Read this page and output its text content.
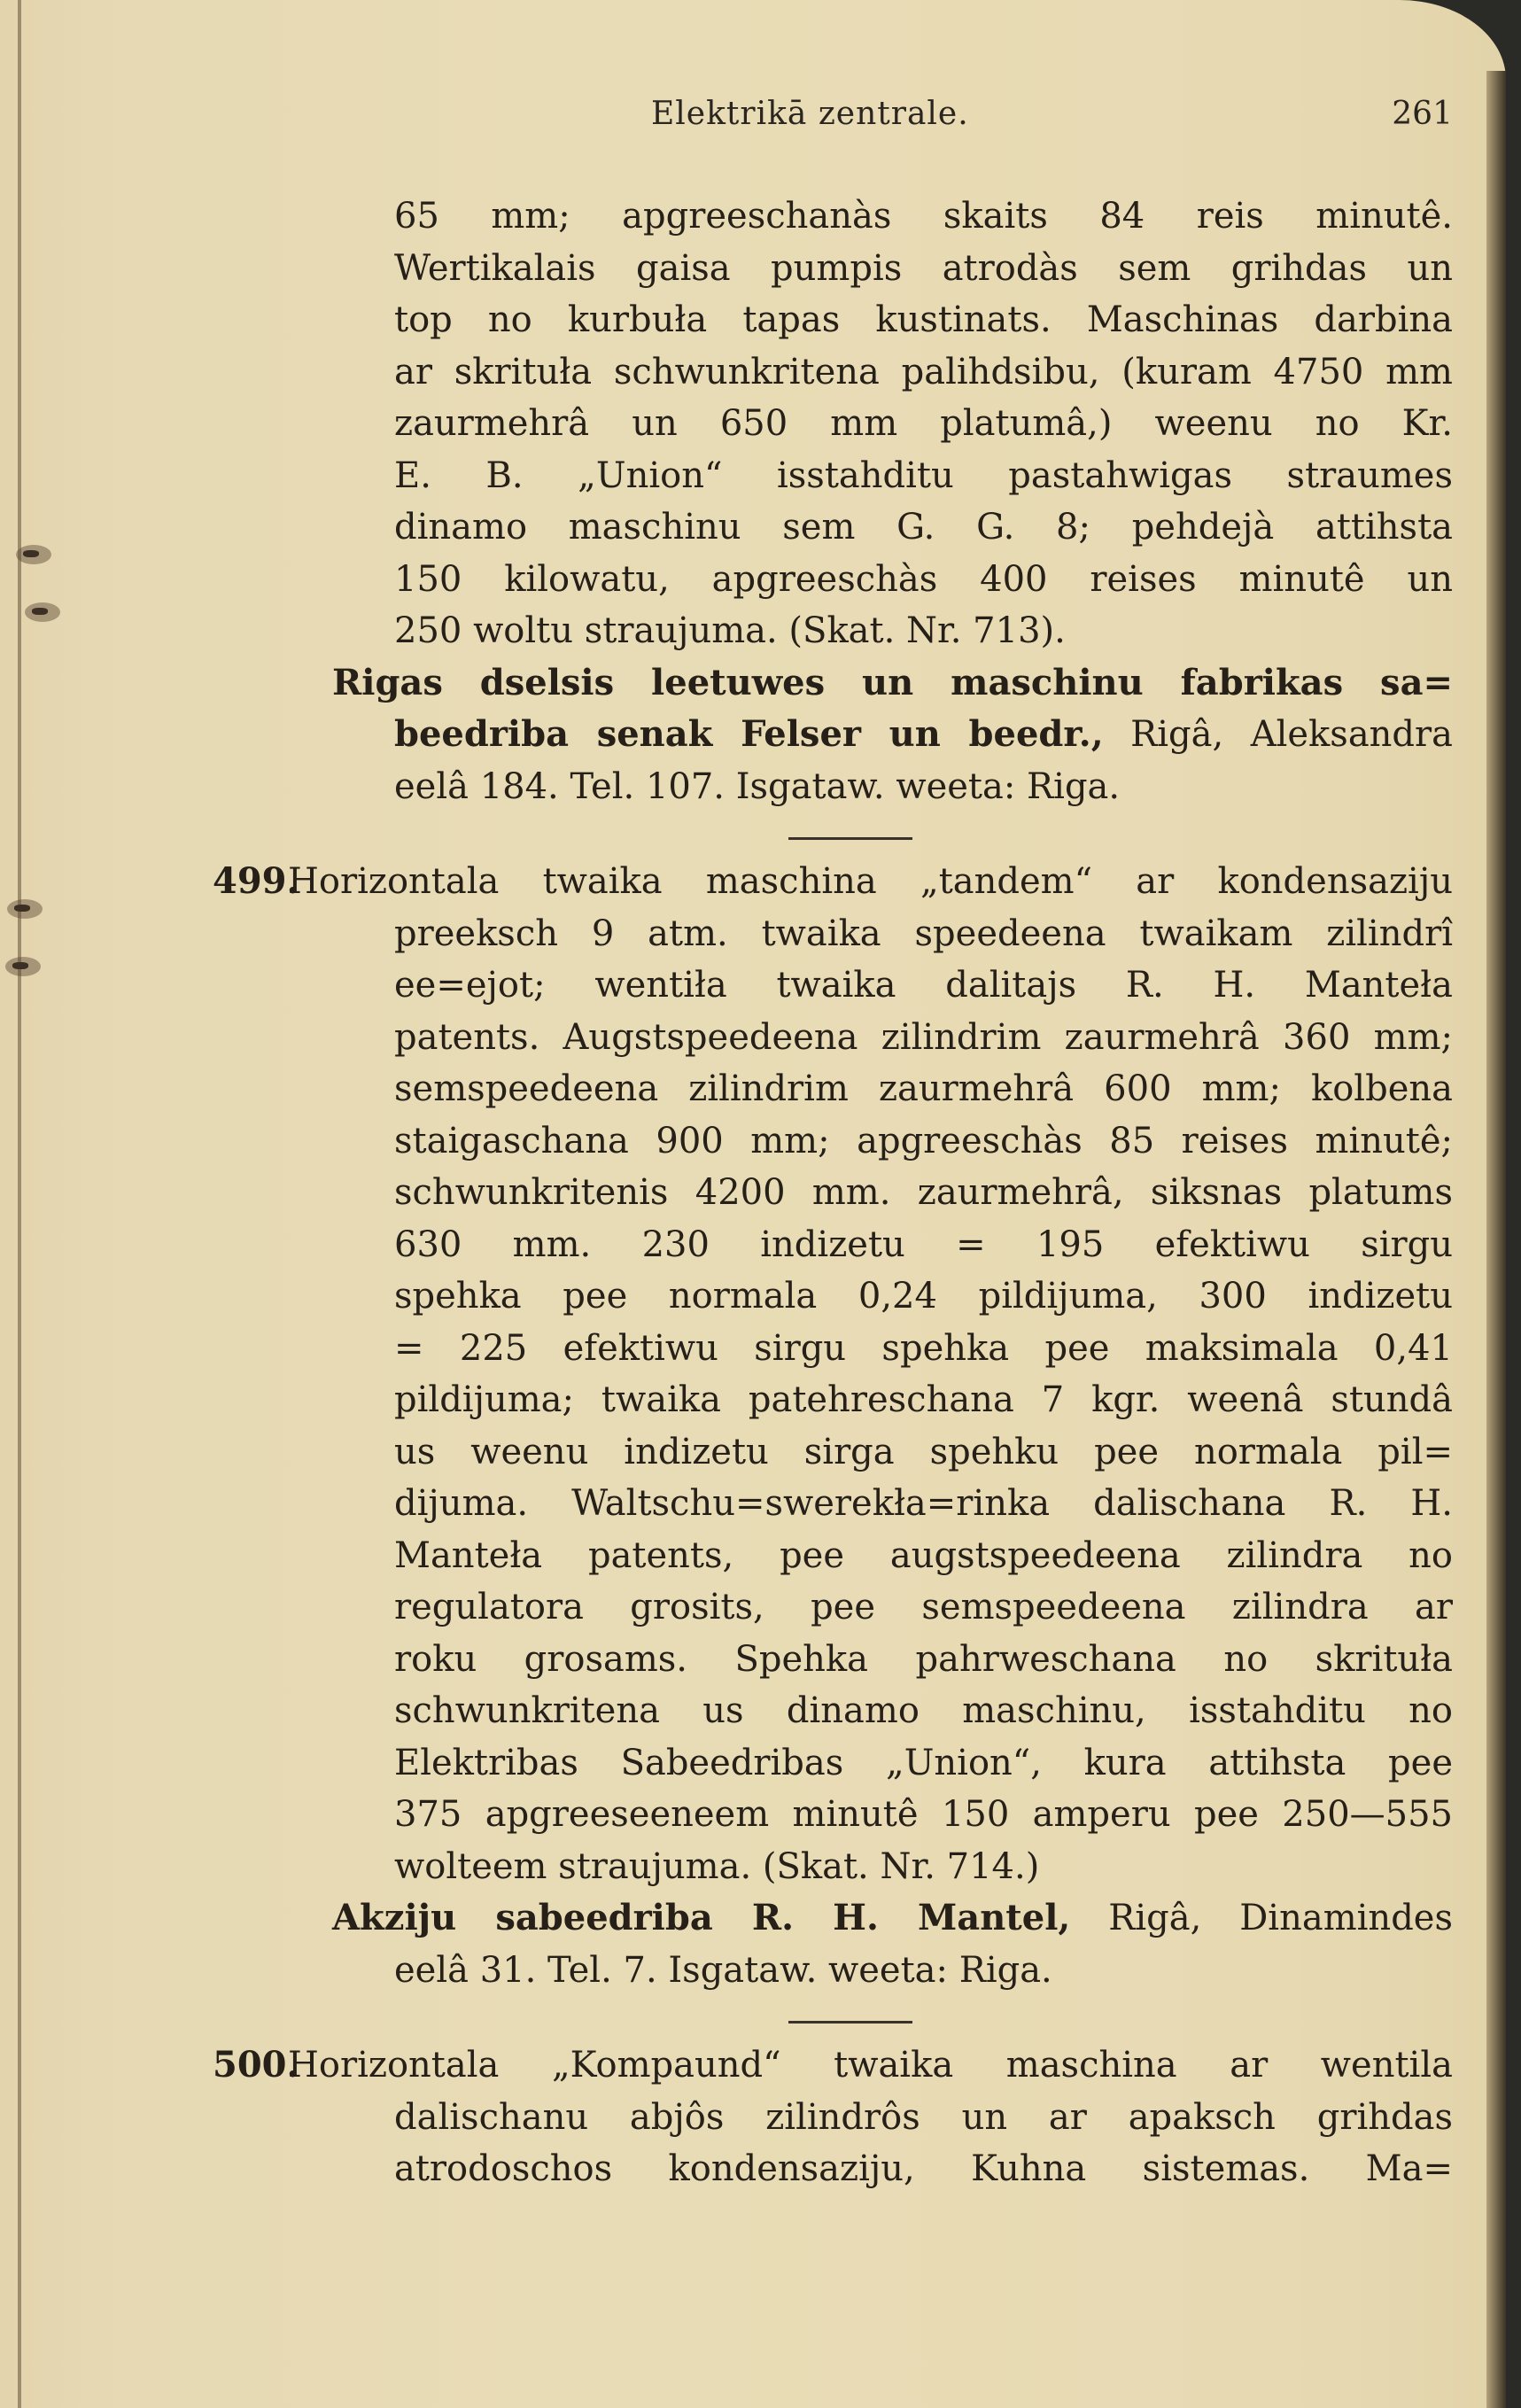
Elektrikā zentrale.	261
65 mm; apgreeschanàs skaits 84 reis minutê.
Wertikalais gaisa pumpis atrodàs sem grihdas un
top no kurbuła tapas kustinats. Maschinas darbina
ar skrituła schwunkritena palihdsibu, (kuram 4750 mm
zaurmehrâ un 650 mm platumâ,) weenu no Kr.
E. B. „Union“ isstahditu pastahwigas straumes
dinamo maschinu sem G. G. 8; pehdejà attihsta
150 kilowatu, apgreeschàs 400 reises minutê un
250 woltu straujuma. (Skat. Nr. 713).
Rigas dselsis leetuwes un maschinu fabrikas sa=
beedriba senak Felser un beedr., Rigâ, Aleksandra
eelâ 184. Tel. 107. Isgataw. weeta: Riga.
499.
Horizontala twaika maschina „tandem“ ar kondensaziju
preeksch 9 atm. twaika speedeena twaikam zilindrî
ee=ejot; wentiła twaika dalitajs R. H. Manteła
patents. Augstspeedeena zilindrim zaurmehrâ 360 mm;
semspeedeena zilindrim zaurmehrâ 600 mm; kolbena
staigaschana 900 mm; apgreeschàs 85 reises minutê;
schwunkritenis 4200 mm. zaurmehrâ, siksnas platums
630 mm. 230 indizetu = 195 efektiwu sirgu
spehka pee normala 0,24 pildijuma, 300 indizetu
= 225 efektiwu sirgu spehka pee maksimala 0,41
pildijuma; twaika patehreschana 7 kgr. weenâ stundâ
us weenu indizetu sirga spehku pee normala pil=
dijuma. Waltschu=swerekła=rinka dalischana R. H.
Manteła patents, pee augstspeedeena zilindra no
regulatora grosits, pee semspeedeena zilindra ar
roku grosams. Spehka pahrweschana no skrituła
schwunkritena us dinamo maschinu, isstahditu no
Elektribas Sabeedribas „Union“, kura attihsta pee
375 apgreeseeneem minutê 150 amperu pee 250—555
wolteem straujuma. (Skat. Nr. 714.)
Akziju sabeedriba R. H. Mantel, Rigâ, Dinamindes
eelâ 31. Tel. 7. Isgataw. weeta: Riga.
500.
Horizontala „Kompaund“ twaika maschina ar wentila
dalischanu abjôs zilindrôs un ar apaksch grihdas
atrodoschos kondensaziju, Kuhna sistemas. Ma=
